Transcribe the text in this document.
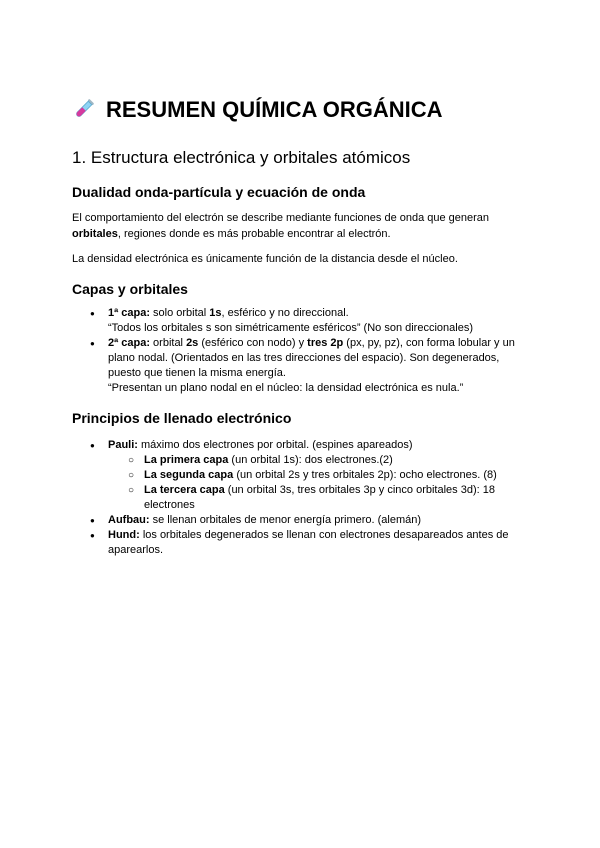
RESUMEN QUÍMICA ORGÁNICA
1. Estructura electrónica y orbitales atómicos
Dualidad onda-partícula y ecuación de onda

El comportamiento del electrón se describe mediante funciones de onda que generan orbitales, regiones donde es más probable encontrar al electrón.

La densidad electrónica es únicamente función de la distancia desde el núcleo.

Capas y orbitales
● 1ª capa: solo orbital 1s, esférico y no direccional.
“Todos los orbitales s son simétricamente esféricos” (No son direccionales)
● 2ª capa: orbital 2s (esférico con nodo) y tres 2p (px, py, pz), con forma lobular y un plano nodal. (Orientados en las tres direcciones del espacio). Son degenerados, puesto que tienen la misma energía.
“Presentan un plano nodal en el núcleo: la densidad electrónica es nula.”
Principios de llenado electrónico
● Pauli: máximo dos electrones por orbital. (espines apareados)
○ La primera capa (un orbital 1s): dos electrones.(2)
○ La segunda capa (un orbital 2s y tres orbitales 2p): ocho electrones. (8)
○ La tercera capa (un orbital 3s, tres orbitales 3p y cinco orbitales 3d): 18 electrones
● Aufbau: se llenan orbitales de menor energía primero. (alemán)
● Hund: los orbitales degenerados se llenan con electrones desapareados antes de aparearlos.
